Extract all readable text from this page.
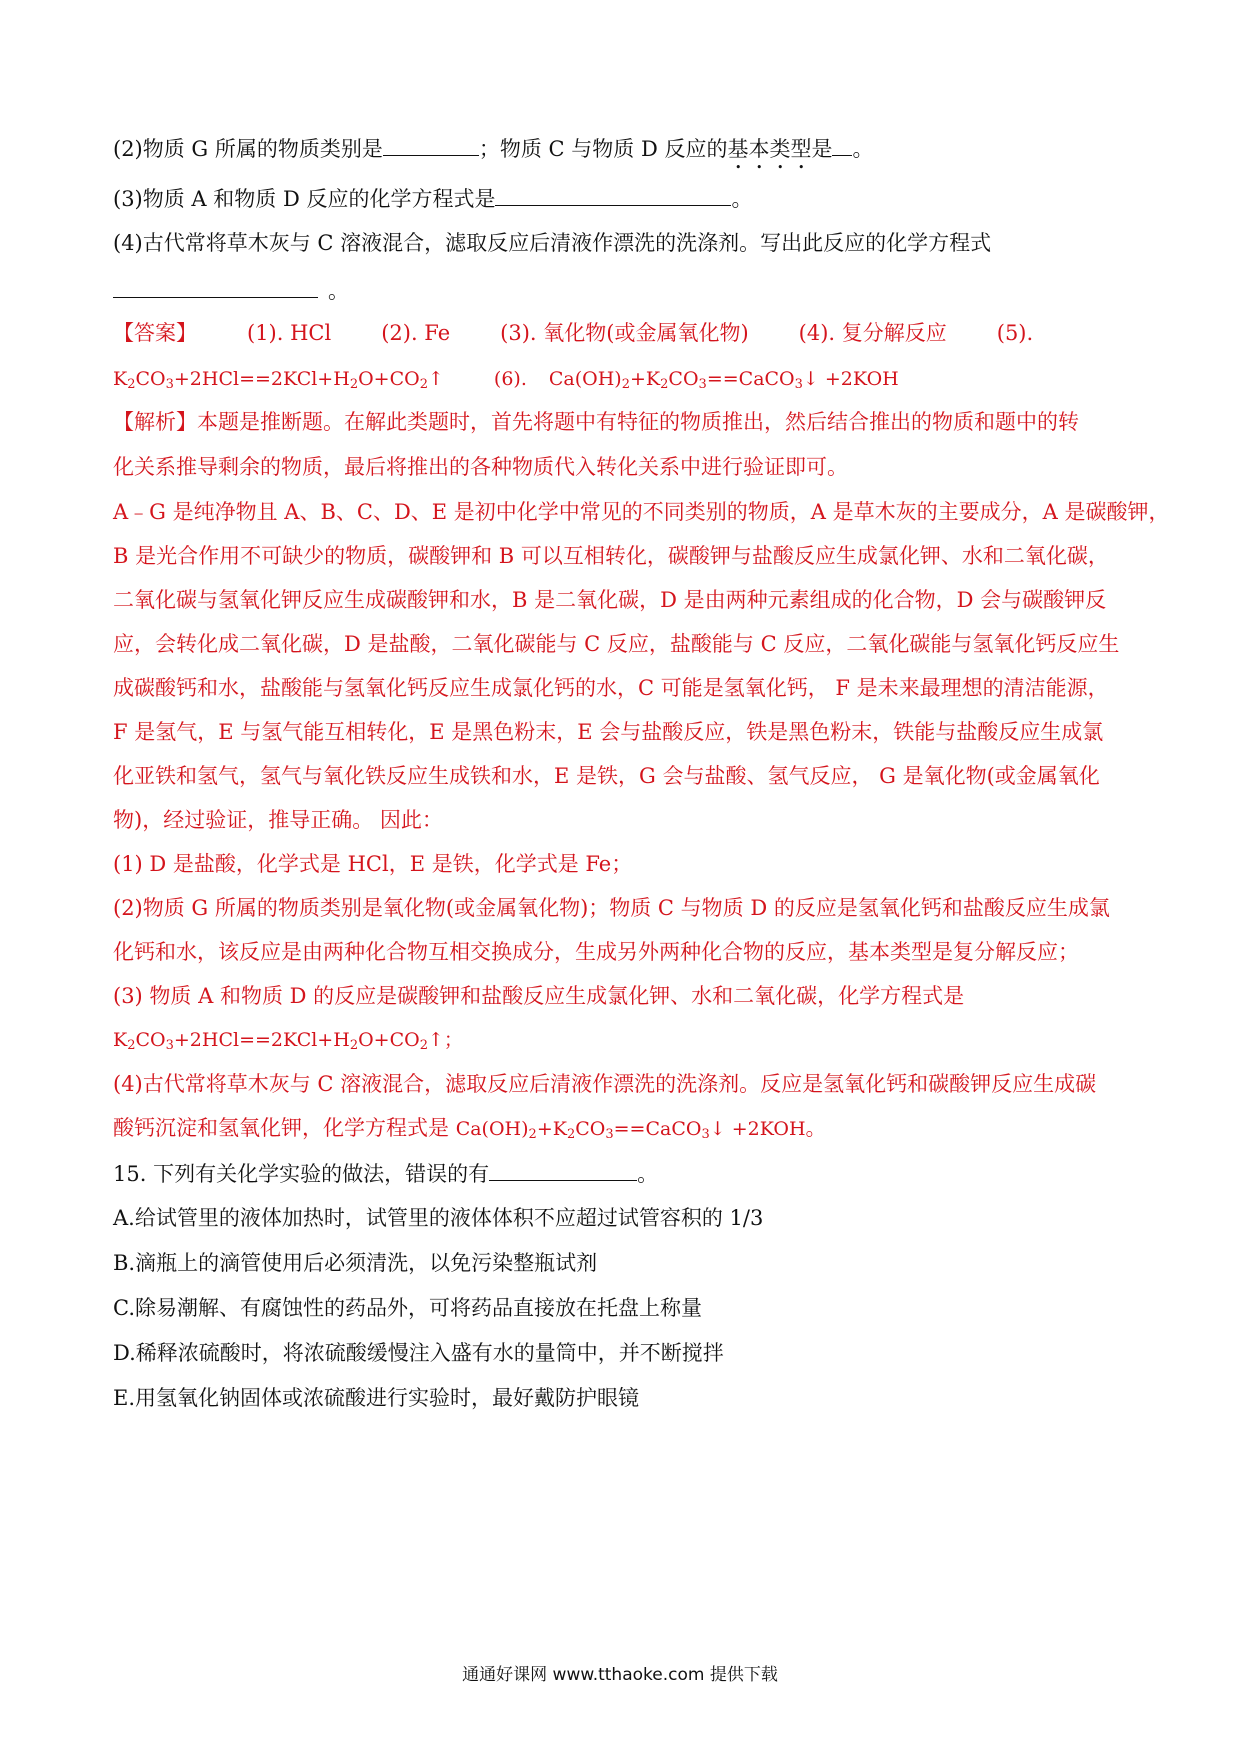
(2)物质 G 所属的物质类别是	；物质 C 与物质 D 反应的基本类型是 。
(3)物质 A 和物质 D 反应的化学方程式是	。
(4)古代常将草木灰与 C 溶液混合，滤取反应后清液作漂洗的洗涤剂。写出此反应的化学方程式
。
【答案】 (1). HCl (2). Fe (3). 氧化物(或金属氧化物) (4). 复分解反应 (5).
$K_2CO_3+2HCl==2KCl+H_2O+CO_2↑$	(6). $Ca(OH)_2+K_2CO_3==CaCO_3↓ +2KOH$
【解析】本题是推断题。在解此类题时，首先将题中有特征的物质推出，然后结合推出的物质和题中的转
化关系推导剩余的物质，最后将推出的各种物质代入转化关系中进行验证即可。
A﹣G 是纯净物且 A、B、C、D、E 是初中化学中常见的不同类别的物质，A 是草木灰的主要成分，A 是碳酸钾，
B 是光合作用不可缺少的物质，碳酸钾和 B 可以互相转化，碳酸钾与盐酸反应生成氯化钾、水和二氧化碳，
二氧化碳与氢氧化钾反应生成碳酸钾和水，B 是二氧化碳，D 是由两种元素组成的化合物，D 会与碳酸钾反
应，会转化成二氧化碳，D 是盐酸，二氧化碳能与 C 反应，盐酸能与 C 反应，二氧化碳能与氢氧化钙反应生
成碳酸钙和水，盐酸能与氢氧化钙反应生成氯化钙的水，C 可能是氢氧化钙， F 是未来最理想的清洁能源，
F 是氢气，E 与氢气能互相转化，E 是黑色粉末，E 会与盐酸反应，铁是黑色粉末，铁能与盐酸反应生成氯
化亚铁和氢气，氢气与氧化铁反应生成铁和水，E 是铁，G 会与盐酸、氢气反应， G 是氧化物(或金属氧化
物)，经过验证，推导正确。 因此：
(1) D 是盐酸，化学式是 HCl，E 是铁，化学式是 Fe；
(2)物质 G 所属的物质类别是氧化物(或金属氧化物)；物质 C 与物质 D 的反应是氢氧化钙和盐酸反应生成氯
化钙和水，该反应是由两种化合物互相交换成分，生成另外两种化合物的反应，基本类型是复分解反应；
(3) 物质 A 和物质 D 的反应是碳酸钾和盐酸反应生成氯化钾、水和二氧化碳，化学方程式是
$K_2CO_3+2HCl==2KCl+H_2O+CO_2↑$；
(4)古代常将草木灰与 C 溶液混合，滤取反应后清液作漂洗的洗涤剂。反应是氢氧化钙和碳酸钾反应生成碳
酸钙沉淀和氢氧化钾，化学方程式是 $Ca(OH)_2+K_2CO_3==CaCO_3↓ +2KOH$。
15. 下列有关化学实验的做法，错误的有	。
A.给试管里的液体加热时，试管里的液体体积不应超过试管容积的 1/3
B.滴瓶上的滴管使用后必须清洗，以免污染整瓶试剂
C.除易潮解、有腐蚀性的药品外，可将药品直接放在托盘上称量
D.稀释浓硫酸时，将浓硫酸缓慢注入盛有水的量筒中，并不断搅拌
E.用氢氧化钠固体或浓硫酸进行实验时，最好戴防护眼镜
通通好课网 www.tthaoke.com 提供下载
